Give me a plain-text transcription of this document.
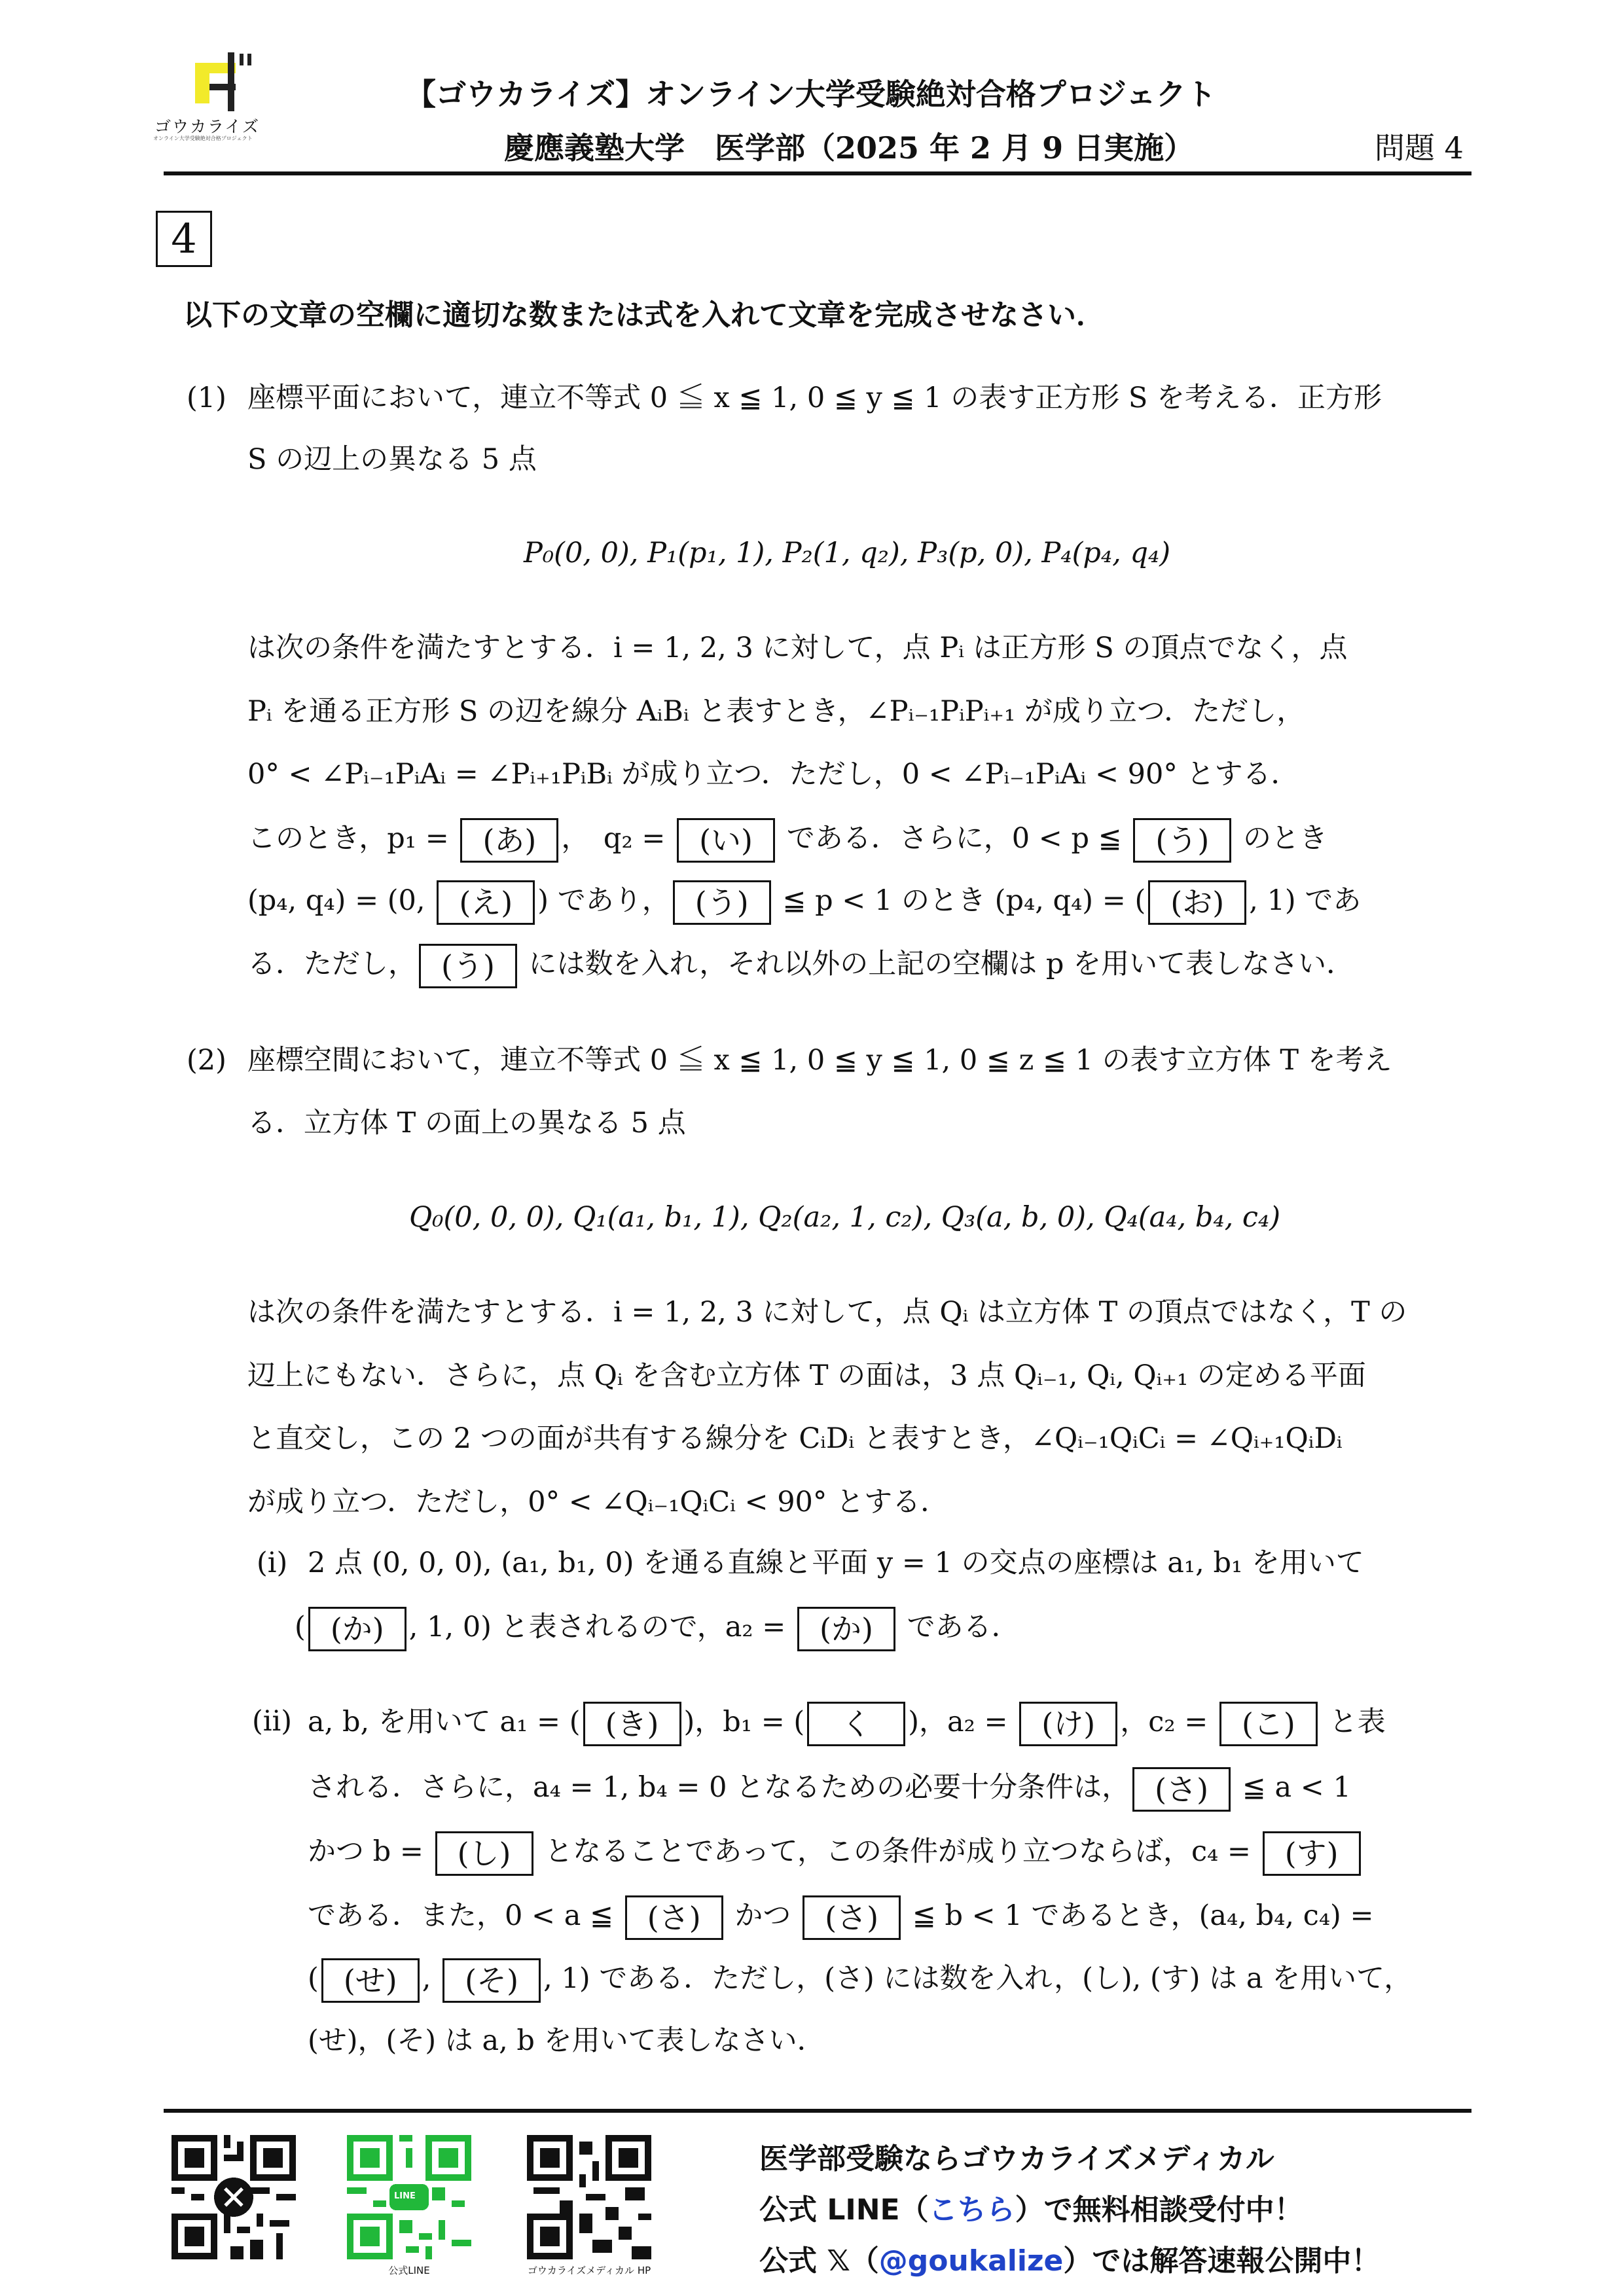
ゴウカライズ
オンライン大学受験絶対合格プロジェクト
【ゴウカライズ】オンライン大学受験絶対合格プロジェクト
慶應義塾大学　医学部（2025 年 2 月 9 日実施）	問題 4
4
以下の文章の空欄に適切な数または式を入れて文章を完成させなさい．
(1) 座標平面において，連立不等式 0 ≦ x ≦ 1, 0 ≦ y ≦ 1 の表す正方形 S を考える．正方形
S の辺上の異なる 5 点
P₀(0, 0), P₁(p₁, 1), P₂(1, q₂), P₃(p, 0), P₄(p₄, q₄)
は次の条件を満たすとする．i = 1, 2, 3 に対して，点 Pᵢ は正方形 S の頂点でなく，点
Pᵢ を通る正方形 S の辺を線分 AᵢBᵢ と表すとき，∠Pᵢ₋₁PᵢPᵢ₊₁ が成り立つ．ただし，
0° < ∠Pᵢ₋₁PᵢAᵢ = ∠Pᵢ₊₁PᵢBᵢ が成り立つ．ただし，0 < ∠Pᵢ₋₁PᵢAᵢ < 90° とする．
このとき，p₁ = (あ) ，　q₂ = (い) である．さらに，0 < p ≦ (う) のとき
(p₄, q₄) = (0, (え) ) であり， (う) ≦ p < 1 のとき (p₄, q₄) = ( (お) , 1) であ
る．ただし， (う) には数を入れ，それ以外の上記の空欄は p を用いて表しなさい．
(2) 座標空間において，連立不等式 0 ≦ x ≦ 1, 0 ≦ y ≦ 1, 0 ≦ z ≦ 1 の表す立方体 T を考え
る．立方体 T の面上の異なる 5 点
Q₀(0, 0, 0), Q₁(a₁, b₁, 1), Q₂(a₂, 1, c₂), Q₃(a, b, 0), Q₄(a₄, b₄, c₄)
は次の条件を満たすとする．i = 1, 2, 3 に対して，点 Qᵢ は立方体 T の頂点ではなく，T の
辺上にもない．さらに，点 Qᵢ を含む立方体 T の面は，3 点 Qᵢ₋₁, Qᵢ, Qᵢ₊₁ の定める平面
と直交し，この 2 つの面が共有する線分を CᵢDᵢ と表すとき，∠Qᵢ₋₁QᵢCᵢ = ∠Qᵢ₊₁QᵢDᵢ
が成り立つ．ただし，0° < ∠Qᵢ₋₁QᵢCᵢ < 90° とする．
(i) 2 点 (0, 0, 0), (a₁, b₁, 0) を通る直線と平面 y = 1 の交点の座標は a₁, b₁ を用いて
( (か) , 1, 0) と表されるので，a₂ = (か) である．
(ii) a, b, を用いて a₁ = ( (き) )，b₁ = ( く )，a₂ = (け) ，c₂ = (こ) と表
される．さらに，a₄ = 1, b₄ = 0 となるための必要十分条件は， (さ) ≦ a < 1
かつ b = (し) となることであって，この条件が成り立つならば，c₄ = (す)
である．また，0 < a ≦ (さ) かつ (さ) ≦ b < 1 であるとき，(a₄, b₄, c₄) =
( (せ) , (そ) , 1) である．ただし，(さ) には数を入れ，(し), (す) は a を用いて，
(せ)，(そ) は a, b を用いて表しなさい．
LINE
公式LINE	ゴウカライズメディカル HP
医学部受験ならゴウカライズメディカル
公式 LINE（こちら）で無料相談受付中！
公式 𝕏（@goukalize）では解答速報公開中！
